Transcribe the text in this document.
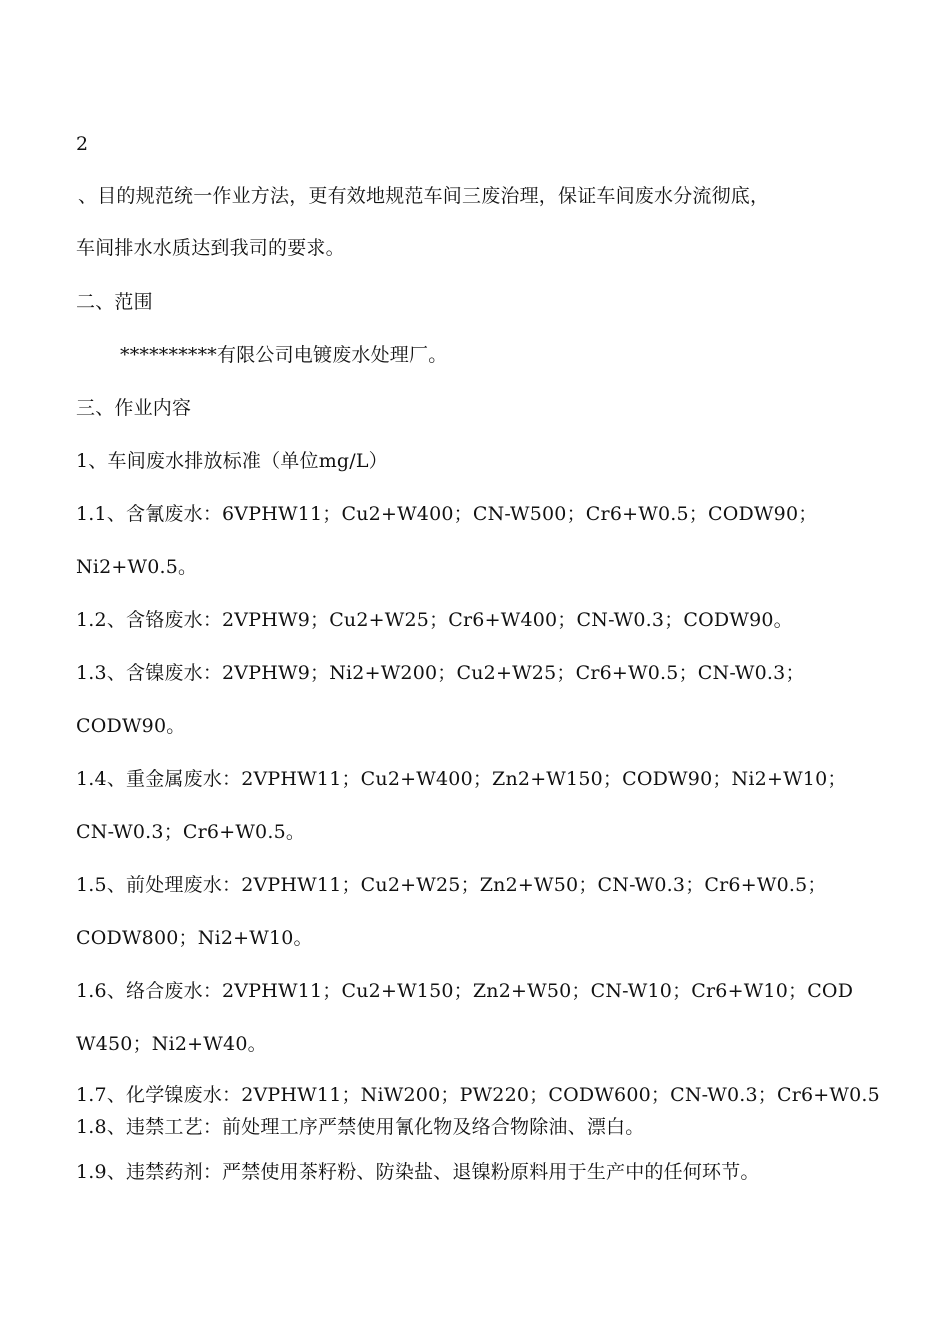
2
、目的规范统一作业方法，更有效地规范车间三废治理，保证车间废水分流彻底，
车间排水水质达到我司的要求。
二、范围
**********有限公司电镀废水处理厂。
三、作业内容
1、车间废水排放标准（单位mg/L）
1.1、含氰废水：6VPHW11；Cu2+W400；CN-W500；Cr6+W0.5；CODW90；
Ni2+W0.5。
1.2、含铬废水：2VPHW9；Cu2+W25；Cr6+W400；CN-W0.3；CODW90。
1.3、含镍废水：2VPHW9；Ni2+W200；Cu2+W25；Cr6+W0.5；CN-W0.3；
CODW90。
1.4、重金属废水：2VPHW11；Cu2+W400；Zn2+W150；CODW90；Ni2+W10；
CN-W0.3；Cr6+W0.5。
1.5、前处理废水：2VPHW11；Cu2+W25；Zn2+W50；CN-W0.3；Cr6+W0.5；
CODW800；Ni2+W10。
1.6、络合废水：2VPHW11；Cu2+W150；Zn2+W50；CN-W10；Cr6+W10；COD
W450；Ni2+W40。
1.7、化学镍废水：2VPHW11；NiW200；PW220；CODW600；CN-W0.3；Cr6+W0.5
1.8、违禁工艺：前处理工序严禁使用氰化物及络合物除油、漂白。
1.9、违禁药剂：严禁使用茶籽粉、防染盐、退镍粉原料用于生产中的任何环节。
